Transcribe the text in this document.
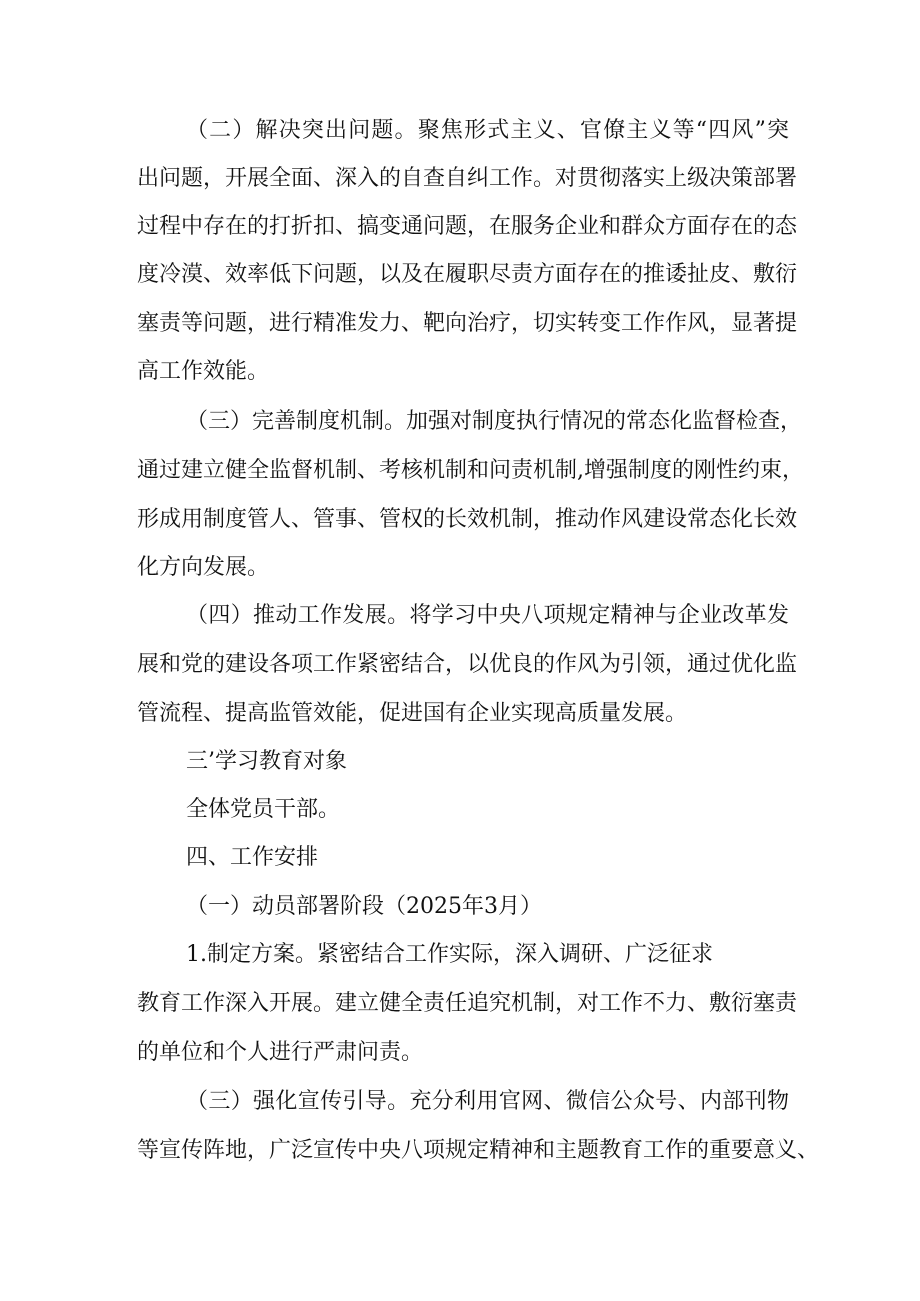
（二）解决突出问题。聚焦形式主义、官僚主义等“四风”突
出问题，开展全面、深入的自查自纠工作。对贯彻落实上级决策部署
过程中存在的打折扣、搞变通问题，在服务企业和群众方面存在的态
度冷漠、效率低下问题，以及在履职尽责方面存在的推诿扯皮、敷衍
塞责等问题，进行精准发力、靶向治疗，切实转变工作作风，显著提
高工作效能。
（三）完善制度机制。加强对制度执行情况的常态化监督检查，
通过建立健全监督机制、考核机制和问责机制,增强制度的刚性约束，
形成用制度管人、管事、管权的长效机制，推动作风建设常态化长效
化方向发展。
（四）推动工作发展。将学习中央八项规定精神与企业改革发
展和党的建设各项工作紧密结合，以优良的作风为引领，通过优化监
管流程、提高监管效能，促进国有企业实现高质量发展。
三’学习教育对象
全体党员干部。
四、工作安排
（一）动员部署阶段（2025年3月）
1.制定方案。紧密结合工作实际，深入调研、广泛征求
教育工作深入开展。建立健全责任追究机制，对工作不力、敷衍塞责
的单位和个人进行严肃问责。
（三）强化宣传引导。充分利用官网、微信公众号、内部刊物
等宣传阵地，广泛宣传中央八项规定精神和主题教育工作的重要意义、
